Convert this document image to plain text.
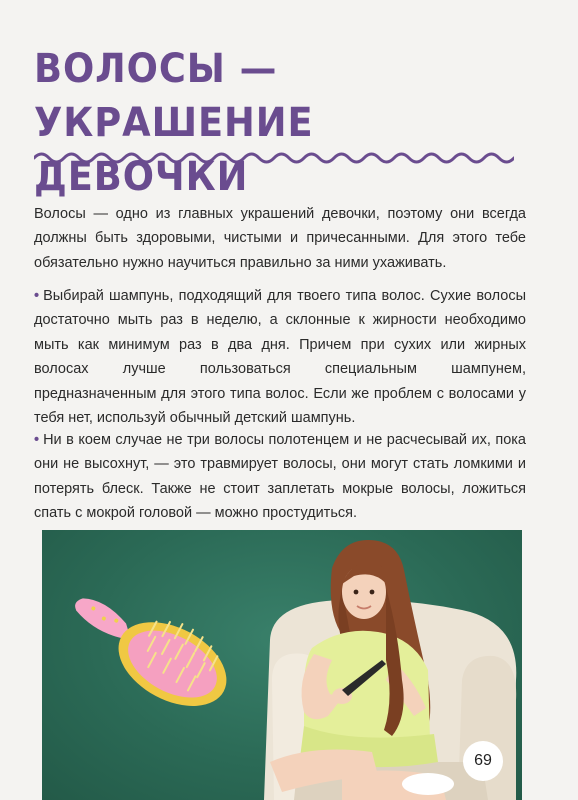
ВОЛОСЫ — УКРАШЕНИЕ
ДЕВОЧКИ

Волосы — одно из главных украшений девочки, поэтому они всегда должны быть здоровыми, чистыми и причесанными. Для этого тебе обязательно нужно научиться правильно за ними ухаживать.

• Выбирай шампунь, подходящий для твоего типа волос. Сухие волосы достаточно мыть раз в неделю, а склонные к жирности необходимо мыть как минимум раз в два дня. Причем при сухих или жирных волосах лучше пользоваться специальным шампунем, предназначенным для этого типа волос. Если же проблем с волосами у тебя нет, используй обычный детский шампунь.

• Ни в коем случае не три волосы полотенцем и не расчесывай их, пока они не высохнут, — это травмирует волосы, они могут стать ломкими и потерять блеск. Также не стоит заплетать мокрые волосы, ложиться спать с мокрой головой — можно простудиться.

69
